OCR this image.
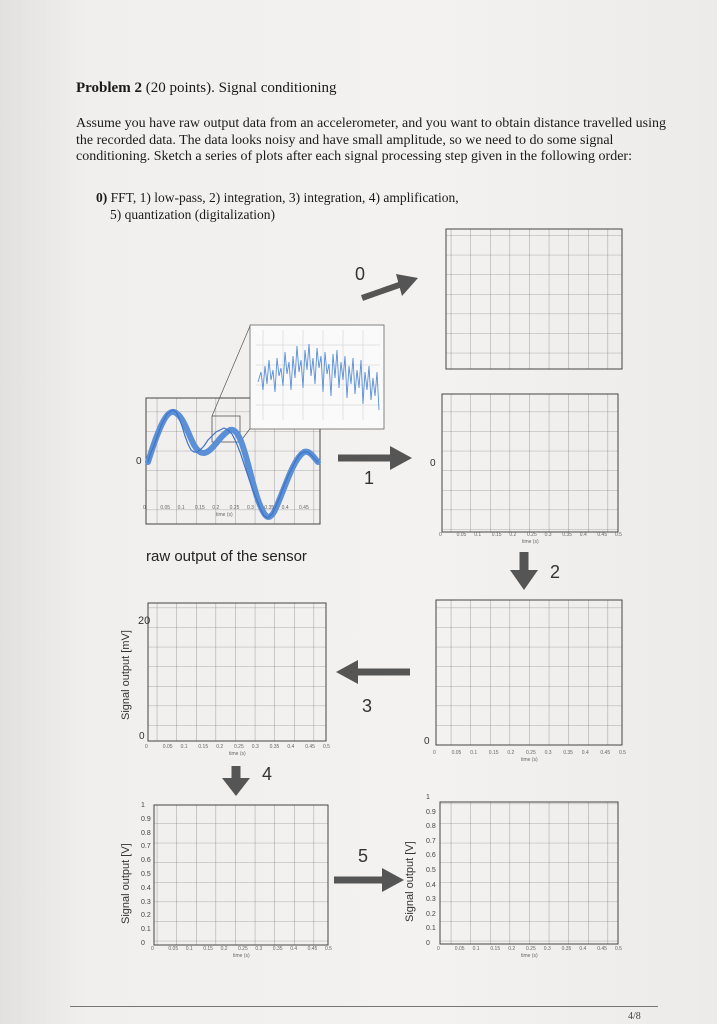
Problem 2 (20 points). Signal conditioning
Assume you have raw output data from an accelerometer, and you want to obtain distance travelled using the recorded data. The data looks noisy and have small amplitude, so we need to do some signal conditioning. Sketch a series of plots after each signal processing step given in the following order:
0) FFT, 1) low-pass, 2) integration, 3) integration, 4) amplification,
5) quantization (digitalization)
.	.	.	.	.	.
0
1
2
3
4
5
0	0
0
0
20
Signal output [mV]
Signal output [V]	Signal output [V]
1
0.9
0.8
0.7
0.6
0.5
0.4
0.3
0.2
0.1
0
1
0.9
0.8
0.7
0.6
0.5
0.4
0.3
0.2
0.1
0
0	0.05 0.1 0.15 0.2 0.25 0.3 0.35 0.4 0.45
time (s)
0	0.05 0.1 0.15 0.2 0.25 0.3 0.35 0.4 0.45 0.5
time (s)
0	0.05 0.1 0.15 0.2 0.25 0.3 0.35 0.4 0.45 0.5
time (s)
0	0.05 0.1 0.15 0.2 0.25 0.3 0.35 0.4 0.45 0.5
time (s)
0	0.05 0.1 0.15 0.2 0.25 0.3 0.35 0.4 0.45 0.5
time (s)
0	0.05 0.1 0.15 0.2 0.25 0.3 0.35 0.4 0.45 0.5
time (s)
raw output of the sensor
4/8
